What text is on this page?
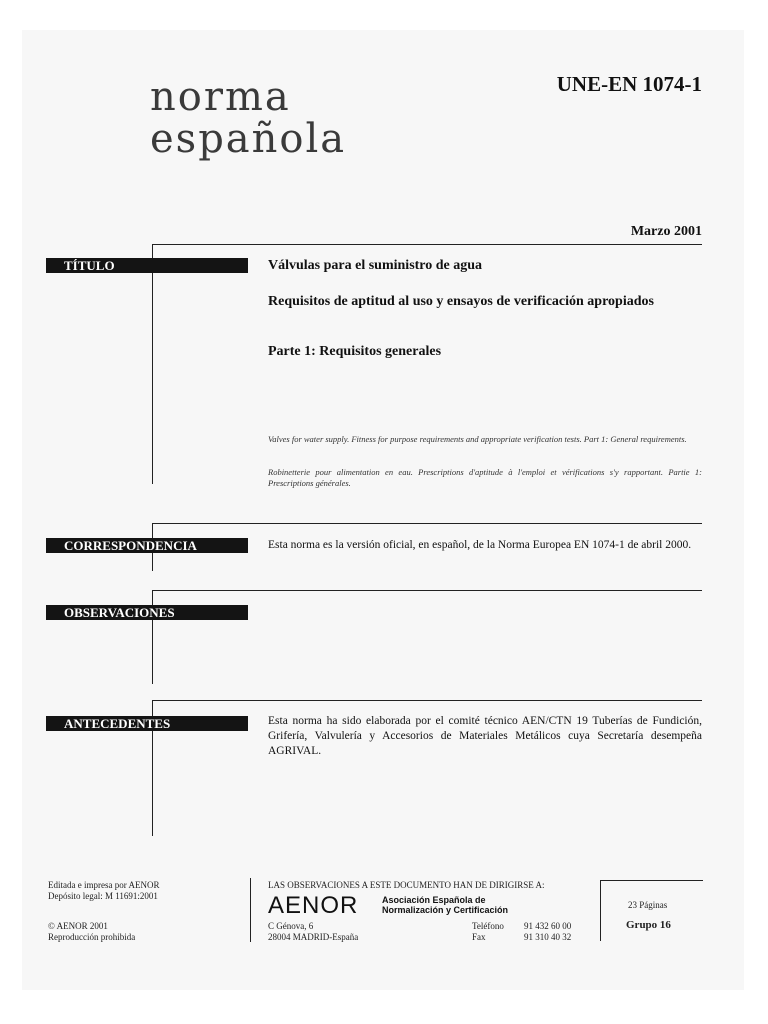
norma
española
UNE-EN 1074-1
Marzo 2001
TÍTULO	Válvulas para el suministro de agua
Requisitos de aptitud al uso y ensayos de verificación apropiados
Parte 1: Requisitos generales
Valves for water supply. Fitness for purpose requirements and appropriate verification tests. Part 1: General requirements.
Robinetterie pour alimentation en eau. Prescriptions d'aptitude à l'emploi et vérifications s'y rapportant. Partie 1: Prescriptions générales.
CORRESPONDENCIA	Esta norma es la versión oficial, en español, de la Norma Europea EN 1074-1 de abril 2000.
OBSERVACIONES
ANTECEDENTES	Esta norma ha sido elaborada por el comité técnico AEN/CTN 19 Tuberías de Fundición, Grifería, Valvulería y Accesorios de Materiales Metálicos cuya Secretaría desempeña AGRIVAL.
Editada e impresa por AENOR
Depósito legal: M 11691:2001
© AENOR 2001
Reproducción prohibida
LAS OBSERVACIONES A ESTE DOCUMENTO HAN DE DIRIGIRSE A:
AENOR	Asociación Española de
Normalización y Certificación
C Génova, 6
28004 MADRID-España
Teléfono 91 432 60 00
Fax	91 310 40 32
23 Páginas
Grupo 16
